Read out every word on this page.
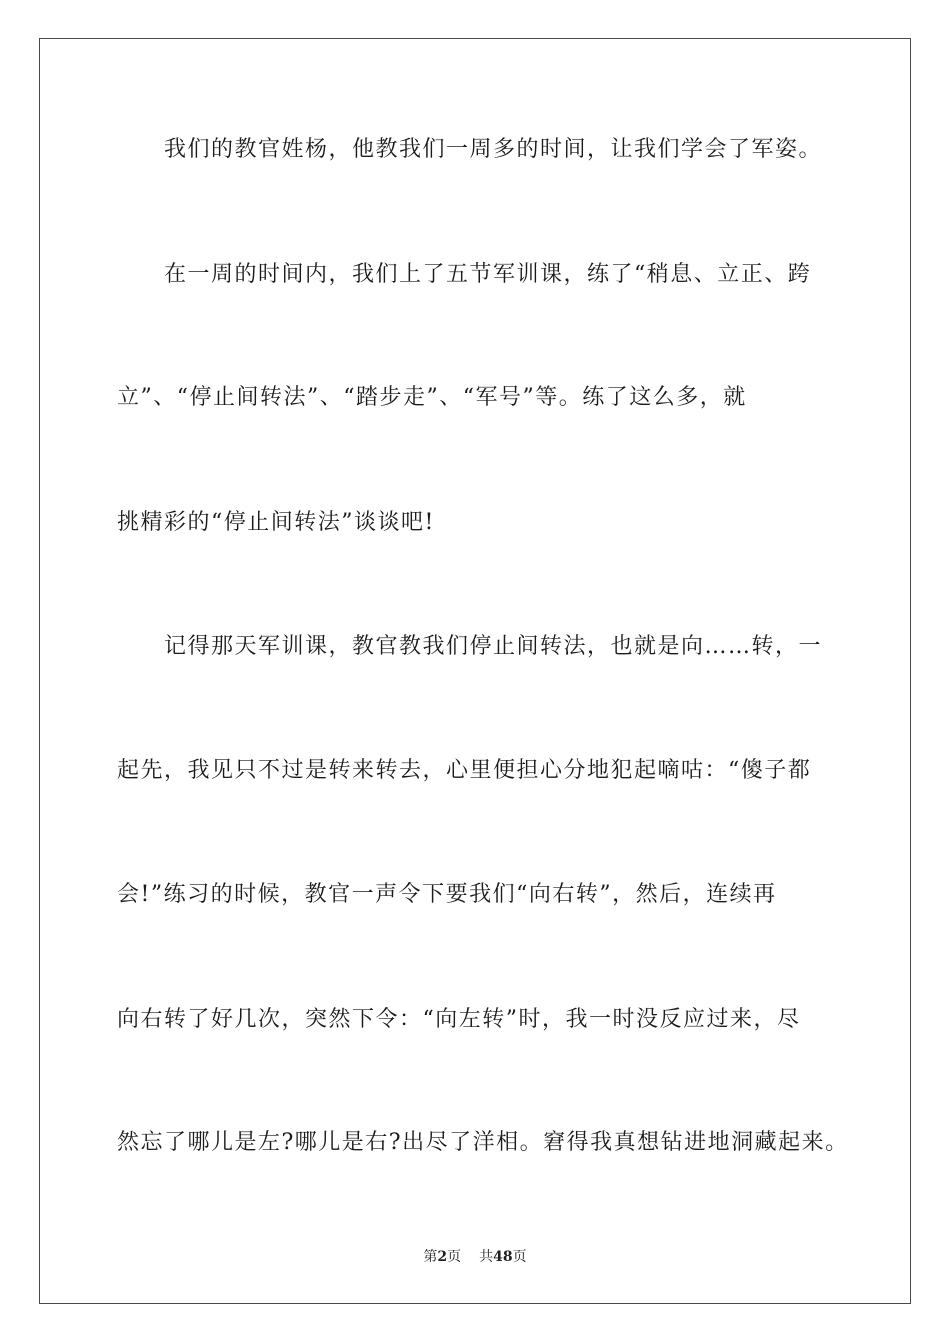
我们的教官姓杨，他教我们一周多的时间，让我们学会了军姿。
在一周的时间内，我们上了五节军训课，练了“稍息、立正、跨
立”、“停止间转法”、“踏步走”、“军号”等。练了这么多，就
挑精彩的“停止间转法”谈谈吧!
记得那天军训课，教官教我们停止间转法，也就是向……转，一
起先，我见只不过是转来转去，心里便担心分地犯起嘀咕：“傻子都
会!”练习的时候，教官一声令下要我们“向右转”，然后，连续再
向右转了好几次，突然下令：“向左转”时，我一时没反应过来，尽
然忘了哪儿是左?哪儿是右?出尽了洋相。窘得我真想钻进地洞藏起来。
第2页 共48页
